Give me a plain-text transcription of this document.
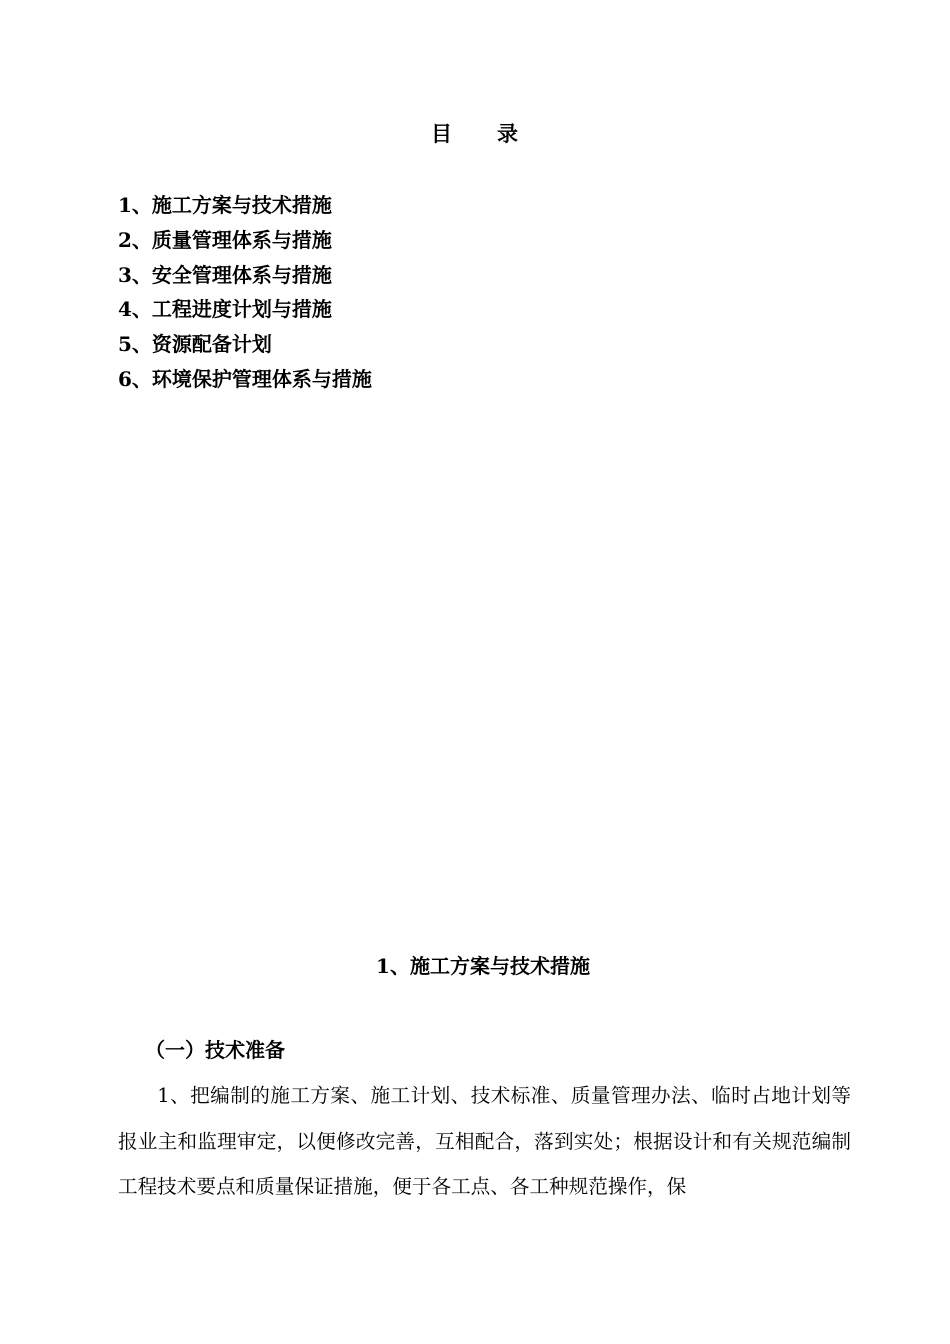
目 录
1、施工方案与技术措施
2、质量管理体系与措施
3、安全管理体系与措施
4、工程进度计划与措施
5、资源配备计划
6、环境保护管理体系与措施
1、施工方案与技术措施
（一）技术准备

1、把编制的施工方案、施工计划、技术标准、质量管理办法、临时占地计划等报业主和监理审定，以便修改完善，互相配合，落到实处；根据设计和有关规范编制工程技术要点和质量保证措施，便于各工点、各工种规范操作，保
